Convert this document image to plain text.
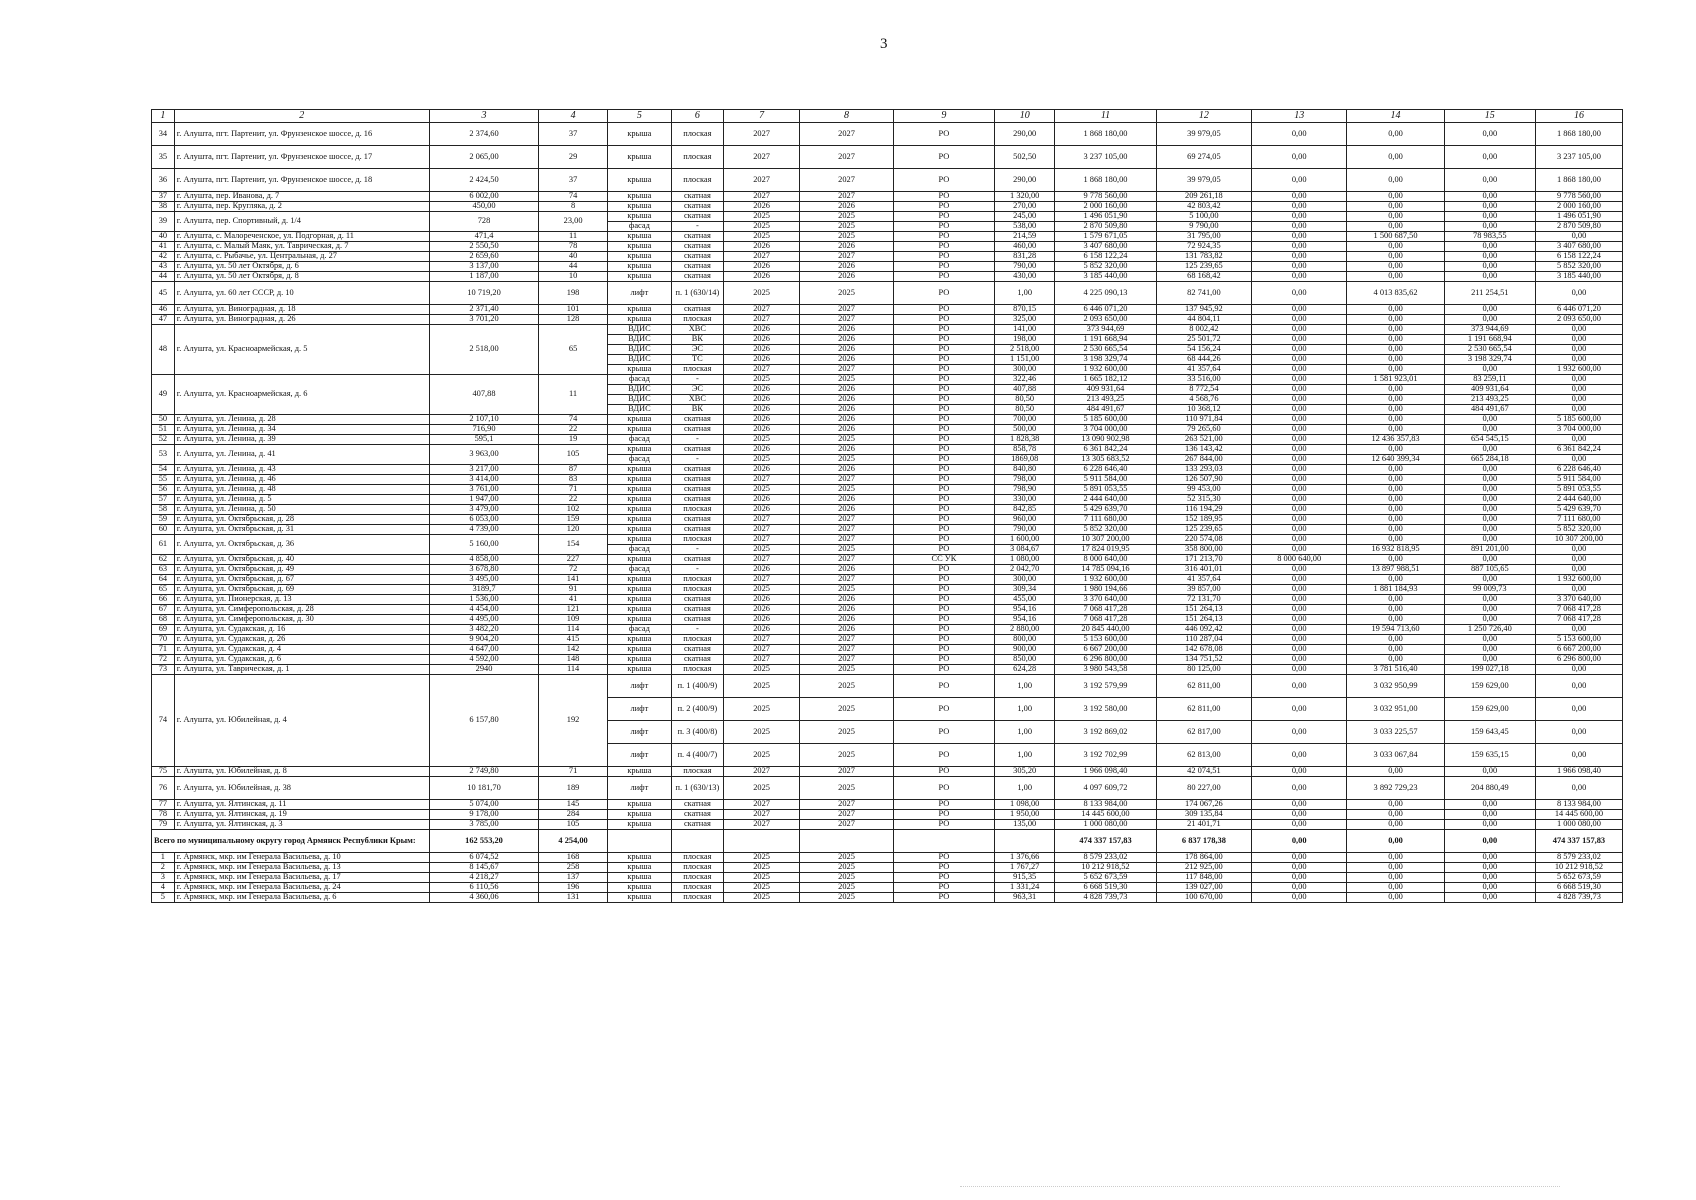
3
1	2	3	4	5	6	7	8	9	10	11	12	13	14	15	16
34	г. Алушта, пгт. Партенит, ул. Фрунзенское шоссе, д. 16	2 374,60	37	крыша	плоская	2027	2027	РО	290,00	1 868 180,00	39 979,05	0,00	0,00	0,00	1 868 180,00
35	г. Алушта, пгт. Партенит, ул. Фрунзенское шоссе, д. 17	2 065,00	29	крыша	плоская	2027	2027	РО	502,50	3 237 105,00	69 274,05	0,00	0,00	0,00	3 237 105,00
36	г. Алушта, пгт. Партенит, ул. Фрунзенское шоссе, д. 18	2 424,50	37	крыша	плоская	2027	2027	РО	290,00	1 868 180,00	39 979,05	0,00	0,00	0,00	1 868 180,00
37	г. Алушта, пер. Иванова, д. 7	6 002,00	74	крыша	скатная	2027	2027	РО	1 320,00	9 778 560,00	209 261,18	0,00	0,00	0,00	9 778 560,00
38	г. Алушта, пер. Кругляка, д. 2	450,00	8	крыша	скатная	2026	2026	РО	270,00	2 000 160,00	42 803,42	0,00	0,00	0,00	2 000 160,00
39	г. Алушта, пер. Спортивный, д. 1/4	728	23,00	крыша	скатная	2025	2025	РО	245,00	1 496 051,90	5 100,00	0,00	0,00	0,00	1 496 051,90
				фасад	-	2025	2025	РО	538,00	2 870 509,80	9 790,00	0,00	0,00	0,00	2 870 509,80
40	г. Алушта, с. Малореченское, ул. Подгорная, д. 11	471,4	11	крыша	скатная	2025	2025	РО	214,59	1 579 671,05	31 795,00	0,00	1 500 687,50	78 983,55	0,00
41	г. Алушта, с. Малый Маяк, ул. Таврическая, д. 7	2 550,50	78	крыша	скатная	2026	2026	РО	460,00	3 407 680,00	72 924,35	0,00	0,00	0,00	3 407 680,00
42	г. Алушта, с. Рыбачье, ул. Центральная, д. 27	2 659,60	40	крыша	скатная	2027	2027	РО	831,28	6 158 122,24	131 783,82	0,00	0,00	0,00	6 158 122,24
43	г. Алушта, ул. 50 лет Октября, д. 6	3 137,00	44	крыша	скатная	2026	2026	РО	790,00	5 852 320,00	125 239,65	0,00	0,00	0,00	5 852 320,00
44	г. Алушта, ул. 50 лет Октября, д. 8	1 187,00	10	крыша	скатная	2026	2026	РО	430,00	3 185 440,00	68 168,42	0,00	0,00	0,00	3 185 440,00
45	г. Алушта, ул. 60 лет СССР, д. 10	10 719,20	198	лифт	п. 1 (630/14)	2025	2025	РО	1,00	4 225 090,13	82 741,00	0,00	4 013 835,62	211 254,51	0,00
46	г. Алушта, ул. Виноградная, д. 18	2 371,40	101	крыша	скатная	2027	2027	РО	870,15	6 446 071,20	137 945,92	0,00	0,00	0,00	6 446 071,20
47	г. Алушта, ул. Виноградная, д. 26	3 701,20	128	крыша	плоская	2027	2027	РО	325,00	2 093 650,00	44 804,11	0,00	0,00	0,00	2 093 650,00
48	г. Алушта, ул. Красноармейская, д. 5	2 518,00	65	ВДИС	ХВС	2026	2026	РО	141,00	373 944,69	8 002,42	0,00	0,00	373 944,69	0,00
				ВДИС	ВК	2026	2026	РО	198,00	1 191 668,94	25 501,72	0,00	0,00	1 191 668,94	0,00
				ВДИС	ЭС	2026	2026	РО	2 518,00	2 530 665,54	54 156,24	0,00	0,00	2 530 665,54	0,00
				ВДИС	ТС	2026	2026	РО	1 151,00	3 198 329,74	68 444,26	0,00	0,00	3 198 329,74	0,00
				крыша	плоская	2027	2027	РО	300,00	1 932 600,00	41 357,64	0,00	0,00	0,00	1 932 600,00
49	г. Алушта, ул. Красноармейская, д. 6	407,88	11	фасад	-	2025	2025	РО	322,46	1 665 182,12	33 516,00	0,00	1 581 923,01	83 259,11	0,00
				ВДИС	ЭС	2026	2026	РО	407,88	409 931,64	8 772,54	0,00	0,00	409 931,64	0,00
				ВДИС	ХВС	2026	2026	РО	80,50	213 493,25	4 568,76	0,00	0,00	213 493,25	0,00
				ВДИС	ВК	2026	2026	РО	80,50	484 491,67	10 368,12	0,00	0,00	484 491,67	0,00
50	г. Алушта, ул. Ленина, д. 28	2 107,10	74	крыша	скатная	2026	2026	РО	700,00	5 185 600,00	110 971,84	0,00	0,00	0,00	5 185 600,00
51	г. Алушта, ул. Ленина, д. 34	716,90	22	крыша	скатная	2026	2026	РО	500,00	3 704 000,00	79 265,60	0,00	0,00	0,00	3 704 000,00
52	г. Алушта, ул. Ленина, д. 39	595,1	19	фасад	-	2025	2025	РО	1 828,38	13 090 902,98	263 521,00	0,00	12 436 357,83	654 545,15	0,00
53	г. Алушта, ул. Ленина, д. 41	3 963,00	105	крыша	скатная	2026	2026	РО	858,78	6 361 842,24	136 143,42	0,00	0,00	0,00	6 361 842,24
				фасад	-	2025	2025	РО	1869,08	13 305 683,52	267 844,00	0,00	12 640 399,34	665 284,18	0,00
54	г. Алушта, ул. Ленина, д. 43	3 217,00	87	крыша	скатная	2026	2026	РО	840,80	6 228 646,40	133 293,03	0,00	0,00	0,00	6 228 646,40
55	г. Алушта, ул. Ленина, д. 46	3 414,00	83	крыша	скатная	2027	2027	РО	798,00	5 911 584,00	126 507,90	0,00	0,00	0,00	5 911 584,00
56	г. Алушта, ул. Ленина, д. 48	3 761,00	71	крыша	скатная	2025	2025	РО	798,90	5 891 053,55	99 453,00	0,00	0,00	0,00	5 891 053,55
57	г. Алушта, ул. Ленина, д. 5	1 947,00	22	крыша	скатная	2026	2026	РО	330,00	2 444 640,00	52 315,30	0,00	0,00	0,00	2 444 640,00
58	г. Алушта, ул. Ленина, д. 50	3 479,00	102	крыша	плоская	2026	2026	РО	842,85	5 429 639,70	116 194,29	0,00	0,00	0,00	5 429 639,70
59	г. Алушта, ул. Октябрьская, д. 28	6 053,00	159	крыша	скатная	2027	2027	РО	960,00	7 111 680,00	152 189,95	0,00	0,00	0,00	7 111 680,00
60	г. Алушта, ул. Октябрьская, д. 31	4 739,00	120	крыша	скатная	2027	2027	РО	790,00	5 852 320,00	125 239,65	0,00	0,00	0,00	5 852 320,00
61	г. Алушта, ул. Октябрьская, д. 36	5 160,00	154	крыша	плоская	2027	2027	РО	1 600,00	10 307 200,00	220 574,08	0,00	0,00	0,00	10 307 200,00
				фасад	-	2025	2025	РО	3 084,67	17 824 019,95	358 800,00	0,00	16 932 818,95	891 201,00	0,00
62	г. Алушта, ул. Октябрьская, д. 40	4 858,00	227	крыша	скатная	2027	2027	СС УК	1 080,00	8 000 640,00	171 213,70	8 000 640,00	0,00	0,00	0,00
63	г. Алушта, ул. Октябрьская, д. 49	3 678,80	72	фасад	-	2026	2026	РО	2 042,70	14 785 094,16	316 401,01	0,00	13 897 988,51	887 105,65	0,00
64	г. Алушта, ул. Октябрьская, д. 67	3 495,00	141	крыша	плоская	2027	2027	РО	300,00	1 932 600,00	41 357,64	0,00	0,00	0,00	1 932 600,00
65	г. Алушта, ул. Октябрьская, д. 69	3189,7	91	крыша	плоская	2025	2025	РО	309,34	1 980 194,66	39 857,00	0,00	1 881 184,93	99 009,73	0,00
66	г. Алушта, ул. Пионерская, д. 13	1 536,00	41	крыша	скатная	2026	2026	РО	455,00	3 370 640,00	72 131,70	0,00	0,00	0,00	3 370 640,00
67	г. Алушта, ул. Симферопольская, д. 28	4 454,00	121	крыша	скатная	2026	2026	РО	954,16	7 068 417,28	151 264,13	0,00	0,00	0,00	7 068 417,28
68	г. Алушта, ул. Симферопольская, д. 30	4 495,00	109	крыша	скатная	2026	2026	РО	954,16	7 068 417,28	151 264,13	0,00	0,00	0,00	7 068 417,28
69	г. Алушта, ул. Судакская, д. 16	3 482,20	114	фасад	-	2026	2026	РО	2 880,00	20 845 440,00	446 092,42	0,00	19 594 713,60	1 250 726,40	0,00
70	г. Алушта, ул. Судакская, д. 26	9 904,20	415	крыша	плоская	2027	2027	РО	800,00	5 153 600,00	110 287,04	0,00	0,00	0,00	5 153 600,00
71	г. Алушта, ул. Судакская, д. 4	4 647,00	142	крыша	скатная	2027	2027	РО	900,00	6 667 200,00	142 678,08	0,00	0,00	0,00	6 667 200,00
72	г. Алушта, ул. Судакская, д. 6	4 592,00	148	крыша	скатная	2027	2027	РО	850,00	6 296 800,00	134 751,52	0,00	0,00	0,00	6 296 800,00
73	г. Алушта, ул. Таврическая, д. 1	2940	114	крыша	плоская	2025	2025	РО	624,28	3 980 543,58	80 125,00	0,00	3 781 516,40	199 027,18	0,00
74	г. Алушта, ул. Юбилейная, д. 4	6 157,80	192	лифт	п. 1 (400/9)	2025	2025	РО	1,00	3 192 579,99	62 811,00	0,00	3 032 950,99	159 629,00	0,00
				лифт	п. 2 (400/9)	2025	2025	РО	1,00	3 192 580,00	62 811,00	0,00	3 032 951,00	159 629,00	0,00
				лифт	п. 3 (400/8)	2025	2025	РО	1,00	3 192 869,02	62 817,00	0,00	3 033 225,57	159 643,45	0,00
				лифт	п. 4 (400/7)	2025	2025	РО	1,00	3 192 702,99	62 813,00	0,00	3 033 067,84	159 635,15	0,00
75	г. Алушта, ул. Юбилейная, д. 8	2 749,80	71	крыша	плоская	2027	2027	РО	305,20	1 966 098,40	42 074,51	0,00	0,00	0,00	1 966 098,40
76	г. Алушта, ул. Юбилейная, д. 38	10 181,70	189	лифт	п. 1 (630/13)	2025	2025	РО	1,00	4 097 609,72	80 227,00	0,00	3 892 729,23	204 880,49	0,00
77	г. Алушта, ул. Ялтинская, д. 11	5 074,00	145	крыша	скатная	2027	2027	РО	1 098,00	8 133 984,00	174 067,26	0,00	0,00	0,00	8 133 984,00
78	г. Алушта, ул. Ялтинская, д. 19	9 178,00	284	крыша	скатная	2027	2027	РО	1 950,00	14 445 600,00	309 135,84	0,00	0,00	0,00	14 445 600,00
79	г. Алушта, ул. Ялтинская, д. 3	3 785,00	105	крыша	скатная	2027	2027	РО	135,00	1 000 080,00	21 401,71	0,00	0,00	0,00	1 000 080,00
Всего по муниципальному округу город Армянск Республики Крым:		162 553,20	4 254,00							474 337 157,83	6 837 178,38	0,00	0,00	0,00	474 337 157,83
1	г. Армянск, мкр. им Генерала Васильева, д. 10	6 074,52	168	крыша	плоская	2025	2025	РО	1 376,66	8 579 233,02	178 864,00	0,00	0,00	0,00	8 579 233,02
2	г. Армянск, мкр. им Генерала Васильева, д. 13	8 145,67	258	крыша	плоская	2025	2025	РО	1 767,27	10 212 918,52	212 925,00	0,00	0,00	0,00	10 212 918,52
3	г. Армянск, мкр. им Генерала Васильева, д. 17	4 218,27	137	крыша	плоская	2025	2025	РО	915,35	5 652 673,59	117 848,00	0,00	0,00	0,00	5 652 673,59
4	г. Армянск, мкр. им Генерала Васильева, д. 24	6 110,56	196	крыша	плоская	2025	2025	РО	1 331,24	6 668 519,30	139 027,00	0,00	0,00	0,00	6 668 519,30
5	г. Армянск, мкр. им Генерала Васильева, д. 6	4 360,06	131	крыша	плоская	2025	2025	РО	963,31	4 828 739,73	100 670,00	0,00	0,00	0,00	4 828 739,73
